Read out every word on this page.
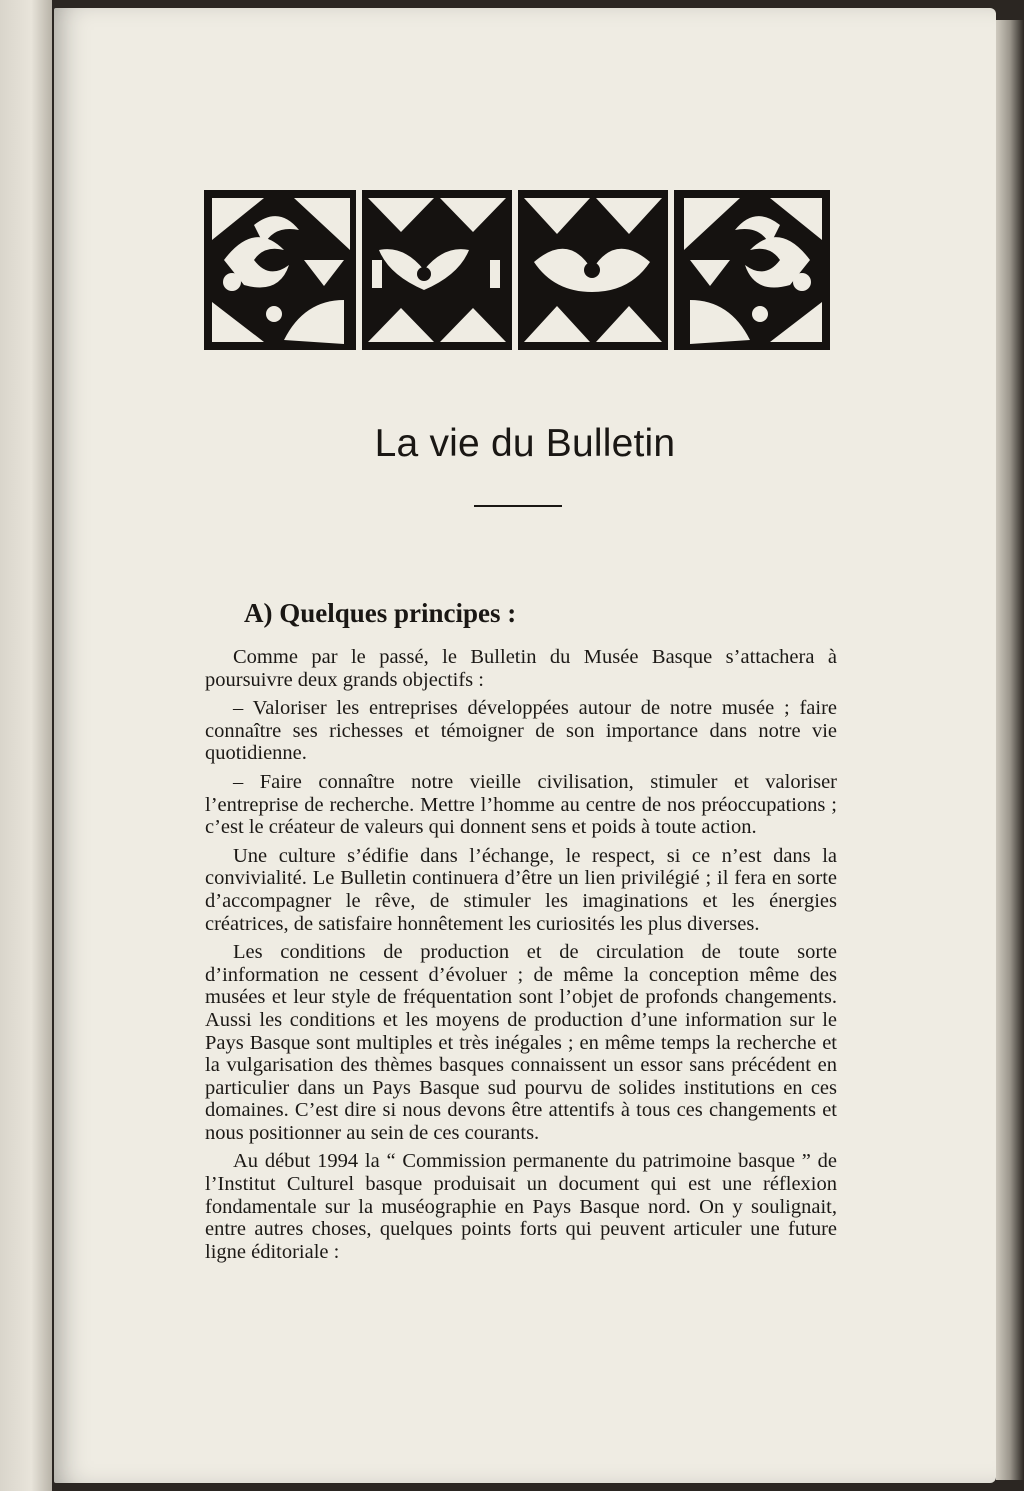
La vie du Bulletin
A) Quelques principes :

Comme par le passé, le Bulletin du Musée Basque s’attachera à poursuivre deux grands objectifs :

– Valoriser les entreprises développées autour de notre musée ; faire connaître ses richesses et témoigner de son importance dans notre vie quotidienne.

– Faire connaître notre vieille civilisation, stimuler et valoriser l’entreprise de recherche. Mettre l’homme au centre de nos préoccupations ; c’est le créateur de valeurs qui donnent sens et poids à toute action.

Une culture s’édifie dans l’échange, le respect, si ce n’est dans la convivialité. Le Bulletin continuera d’être un lien privilégié ; il fera en sorte d’accompagner le rêve, de stimuler les imaginations et les énergies créatrices, de satisfaire honnêtement les curiosités les plus diverses.

Les conditions de production et de circulation de toute sorte d’information ne cessent d’évoluer ; de même la conception même des musées et leur style de fréquentation sont l’objet de profonds changements. Aussi les conditions et les moyens de production d’une information sur le Pays Basque sont multiples et très inégales ; en même temps la recherche et la vulgarisation des thèmes basques connaissent un essor sans précédent en particulier dans un Pays Basque sud pourvu de solides institutions en ces domaines. C’est dire si nous devons être attentifs à tous ces changements et nous positionner au sein de ces courants.

Au début 1994 la “ Commission permanente du patrimoine basque ” de l’Institut Culturel basque produisait un document qui est une réflexion fondamentale sur la muséographie en Pays Basque nord. On y soulignait, entre autres choses, quelques points forts qui peuvent articuler une future ligne éditoriale :
